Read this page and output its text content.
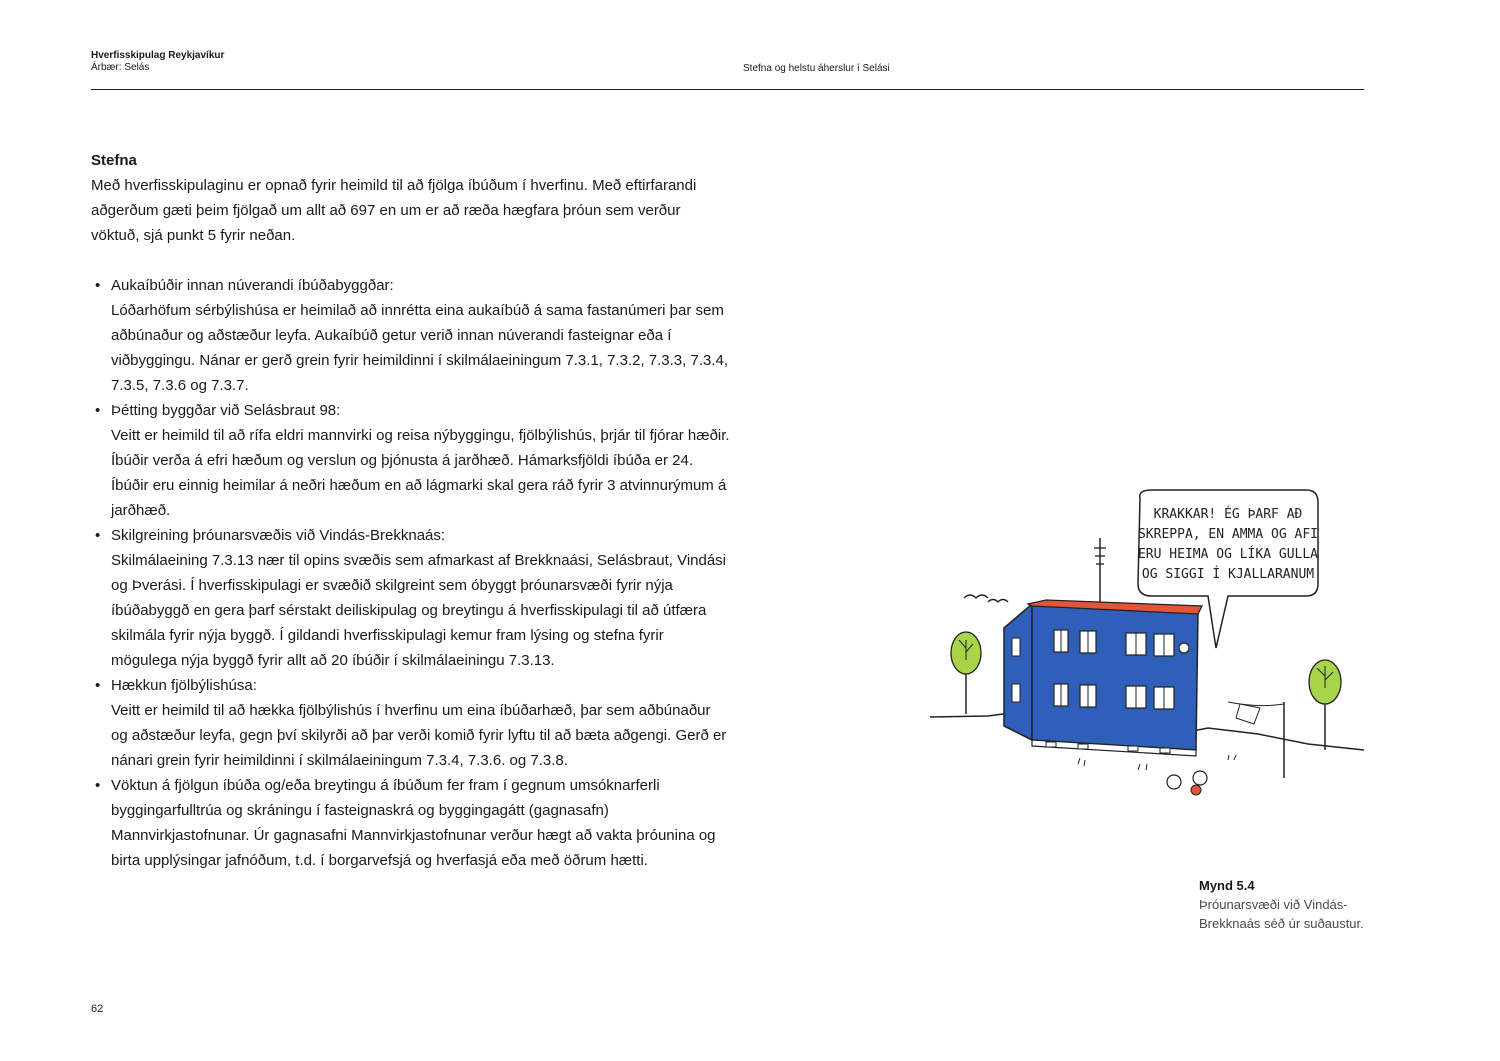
Hverfisskipulag Reykjavíkur
Árbær: Selás	Stefna og helstu áherslur í Selási

Stefna

Með hverfisskipulaginu er opnað fyrir heimild til að fjölga íbúðum í hverfinu. Með eftirfarandi aðgerðum gæti þeim fjölgað um allt að 697 en um er að ræða hægfara þróun sem verður vöktuð, sjá punkt 5 fyrir neðan.

• Aukaíbúðir innan núverandi íbúðabyggðar:
Lóðarhöfum sérbýlishúsa er heimilað að innrétta eina aukaíbúð á sama fastanúmeri þar sem aðbúnaður og aðstæður leyfa. Aukaíbúð getur verið innan núverandi fasteignar eða í viðbyggingu. Nánar er gerð grein fyrir heimildinni í skilmálaeiningum 7.3.1, 7.3.2, 7.3.3, 7.3.4, 7.3.5, 7.3.6 og 7.3.7.
• Þétting byggðar við Selásbraut 98:
Veitt er heimild til að rífa eldri mannvirki og reisa nýbyggingu, fjölbýlishús, þrjár til fjórar hæðir. Íbúðir verða á efri hæðum og verslun og þjónusta á jarðhæð. Hámarksfjöldi íbúða er 24. Íbúðir eru einnig heimilar á neðri hæðum en að lágmarki skal gera ráð fyrir 3 atvinnurýmum á jarðhæð.
• Skilgreining þróunarsvæðis við Vindás-Brekknaás:
Skilmálaeining 7.3.13 nær til opins svæðis sem afmarkast af Brekknaási, Selásbraut, Vindási og Þverási. Í hverfisskipulagi er svæðið skilgreint sem óbyggt þróunarsvæði fyrir nýja íbúðabyggð en gera þarf sérstakt deiliskipulag og breytingu á hverfisskipulagi til að útfæra skilmála fyrir nýja byggð. Í gildandi hverfisskipulagi kemur fram lýsing og stefna fyrir mögulega nýja byggð fyrir allt að 20 íbúðir í skilmálaeiningu 7.3.13.
• Hækkun fjölbýlishúsa:
Veitt er heimild til að hækka fjölbýlishús í hverfinu um eina íbúðarhæð, þar sem aðbúnaður og aðstæður leyfa, gegn því skilyrði að þar verði komið fyrir lyftu til að bæta aðgengi. Gerð er nánari grein fyrir heimildinni í skilmálaeiningum 7.3.4, 7.3.6. og 7.3.8.
• Vöktun á fjölgun íbúða og/eða breytingu á íbúðum fer fram í gegnum umsóknarferli byggingarfulltrúa og skráningu í fasteignaskrá og byggingagátt (gagnasafn) Mannvirkjastofnunar. Úr gagnasafni Mannvirkjastofnunar verður hægt að vakta þróunina og birta upplýsingar jafnóðum, t.d. í borgarvefsjá og hverfasjá eða með öðrum hætti.
KRAKKAR! ÉG ÞARF AÐ
SKREPPA, EN AMMA OG AFI
ERU HEIMA OG LÍKA GULLA
OG SIGGI Í KJALLARANUM
Mynd 5.4
Þróunarsvæði við Vindás-Brekknaás séð úr suðaustur.
62
